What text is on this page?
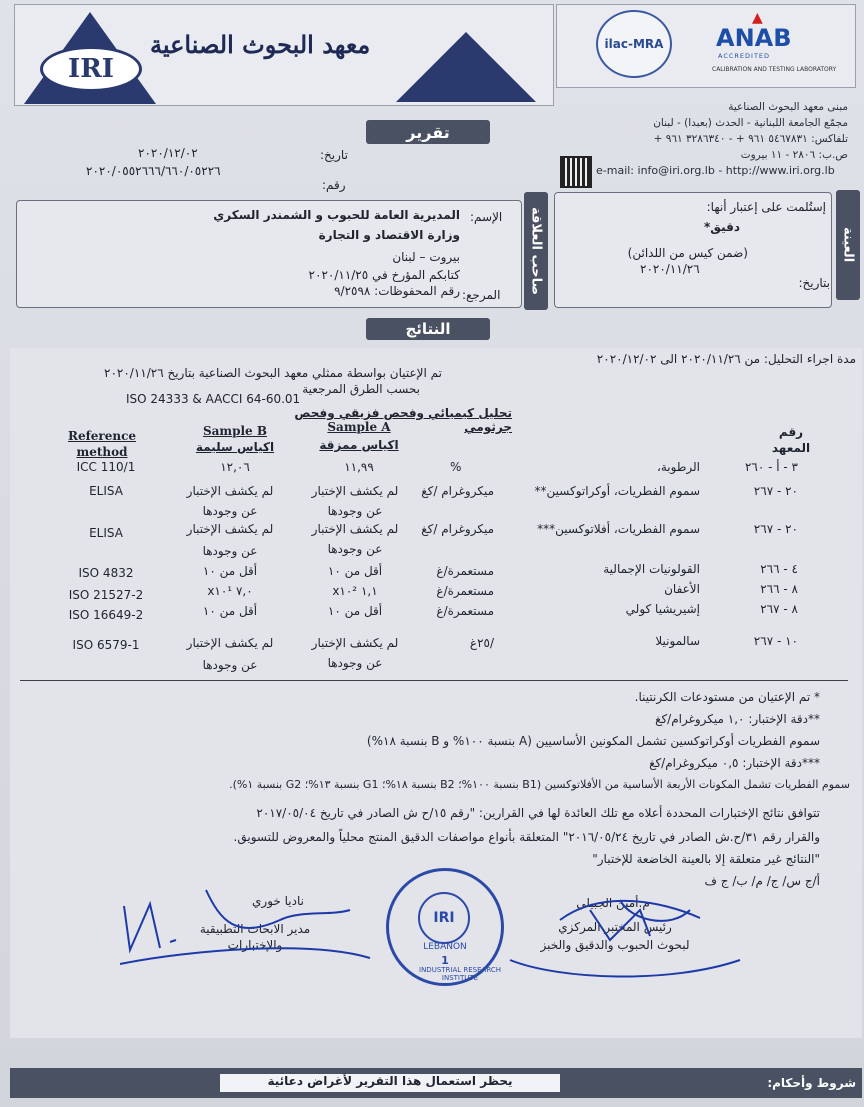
IRI
معهد البحوث الصناعية	ilac-MRA
▲
ANAB
ACCREDITED
CALIBRATION AND TESTING LABORATORY
مبنى معهد البحوث الصناعية
مجمّع الجامعة اللبنانية - الحدث (بعبدا) - لبنان
تلفاكس: ٥٤٦٧٨٣١ ٩٦١ + - ٣٢٨٦٣٤٠ ٩٦١ +
ص.ب: ٢٨٠٦ - ١١ بيروت
e-mail: info@iri.org.lb - http://www.iri.org.lb
تقرير
تاريخ:
٢٠٢٠/١٢/٠٢
رقم:
٢٠٢٠/٠٥٥٢٦٦٦/٦٦٠/٠٥٢٢٦
صاحب العلاقة
الإسم:
المديرية العامة للحبوب و الشمندر السكري
وزارة الاقتصاد و التجارة
بيروت – لبنان
كتابكم المؤرخ في ٢٠٢٠/١١/٢٥
رقم المحفوظات: ٩/٢٥٩٨ المرجع:
العينة
إستُلمت على إعتبار أنها:
دقيق*
(ضمن كيس من اللدائن)
٢٠٢٠/١١/٢٦
بتاريخ:
النتائج
مدة اجراء التحليل: من ٢٠٢٠/١١/٢٦ الى ٢٠٢٠/١٢/٠٢
تم الإعتيان بواسطة ممثلي معهد البحوث الصناعية بتاريخ ٢٠٢٠/١١/٢٦
بحسب الطرق المرجعية
ISO 24333 & AACCI 64-60.01
تحليل كيميائي وفحص فزيقي وفحص جرثومي
Reference method
Sample B
اكياس سليمة
Sample A
اكياس ممزقة
رقم المعهد
٣ - أ - ٢٦٠
الرطوبة،
%
١١,٩٩
١٢,٠٦
ICC 110/1
٢٠ - ٢٦٧
سموم الفطريات، أوكراتوكسين**
ميكروغرام /كغ
لم يكشف الإختبار
عن وجودها
لم يكشف الإختبار
عن وجودها
ELISA
٢٠ - ٢٦٧
سموم الفطريات، أفلاتوكسين***
ميكروغرام /كغ
لم يكشف الإختبار
عن وجودها
لم يكشف الإختبار
عن وجودها
ELISA
٤ - ٢٦٦
القولونيات الإجمالية
مستعمرة/غ
أقل من ١٠
أقل من ١٠
ISO 4832
٨ - ٢٦٦
الأعفان
مستعمرة/غ
١,١ x١٠²
٧,٠ x١٠¹
ISO 21527-2
٨ - ٢٦٧
إشيريشيا كولي
مستعمرة/غ
أقل من ١٠
أقل من ١٠
ISO 16649-2
١٠ - ٢٦٧
سالمونيلا
/٢٥غ
لم يكشف الإختبار
عن وجودها
لم يكشف الإختبار
عن وجودها
ISO 6579-1
* تم الإعتيان من مستودعات الكرنتينا.
**دقة الإختبار: ١,٠ ميكروغرام/كغ
سموم الفطريات أوكراتوكسين تشمل المكونين الأساسيين (A بنسبة ١٠٠% و B بنسبة ١٨%)
***دقة الإختبار: ٠,٥ ميكروغرام/كغ
سموم الفطريات تشمل المكونات الأربعة الأساسية من الأفلاتوكسين (B1 بنسبة ١٠٠%؛ B2 بنسبة ١٨%؛ G1 بنسبة ١٣%؛ G2 بنسبة ١%).
تتوافق نتائج الإختبارات المحددة أعلاه مع تلك العائدة لها في القرارين: "رقم ١٥/ح ش الصادر في تاريخ ٢٠١٧/٠٥/٠٤
والقرار رقم ٣١/ح.ش الصادر في تاريخ ٢٠١٦/٠٥/٢٤" المتعلقة بأنواع مواصفات الدقيق المنتج محلياً والمعروض للتسويق.
"النتائج غير متعلقة إلا بالعينة الخاضعة للإختبار"
أ/ج س/ ج/ م/ ب/ ج ف
ناديا خوري
مدير الابحاث التطبيقية
والإختبارات
م.أمين الجبيلي
رئيس المختبر المركزي
لبحوث الحبوب والدقيق والخبز
IRI
LEBANON
1
INDUSTRIAL RESEARCH INSTITUTE
يحظر استعمال هذا التقرير لأغراض دعائية	شروط وأحكام:
